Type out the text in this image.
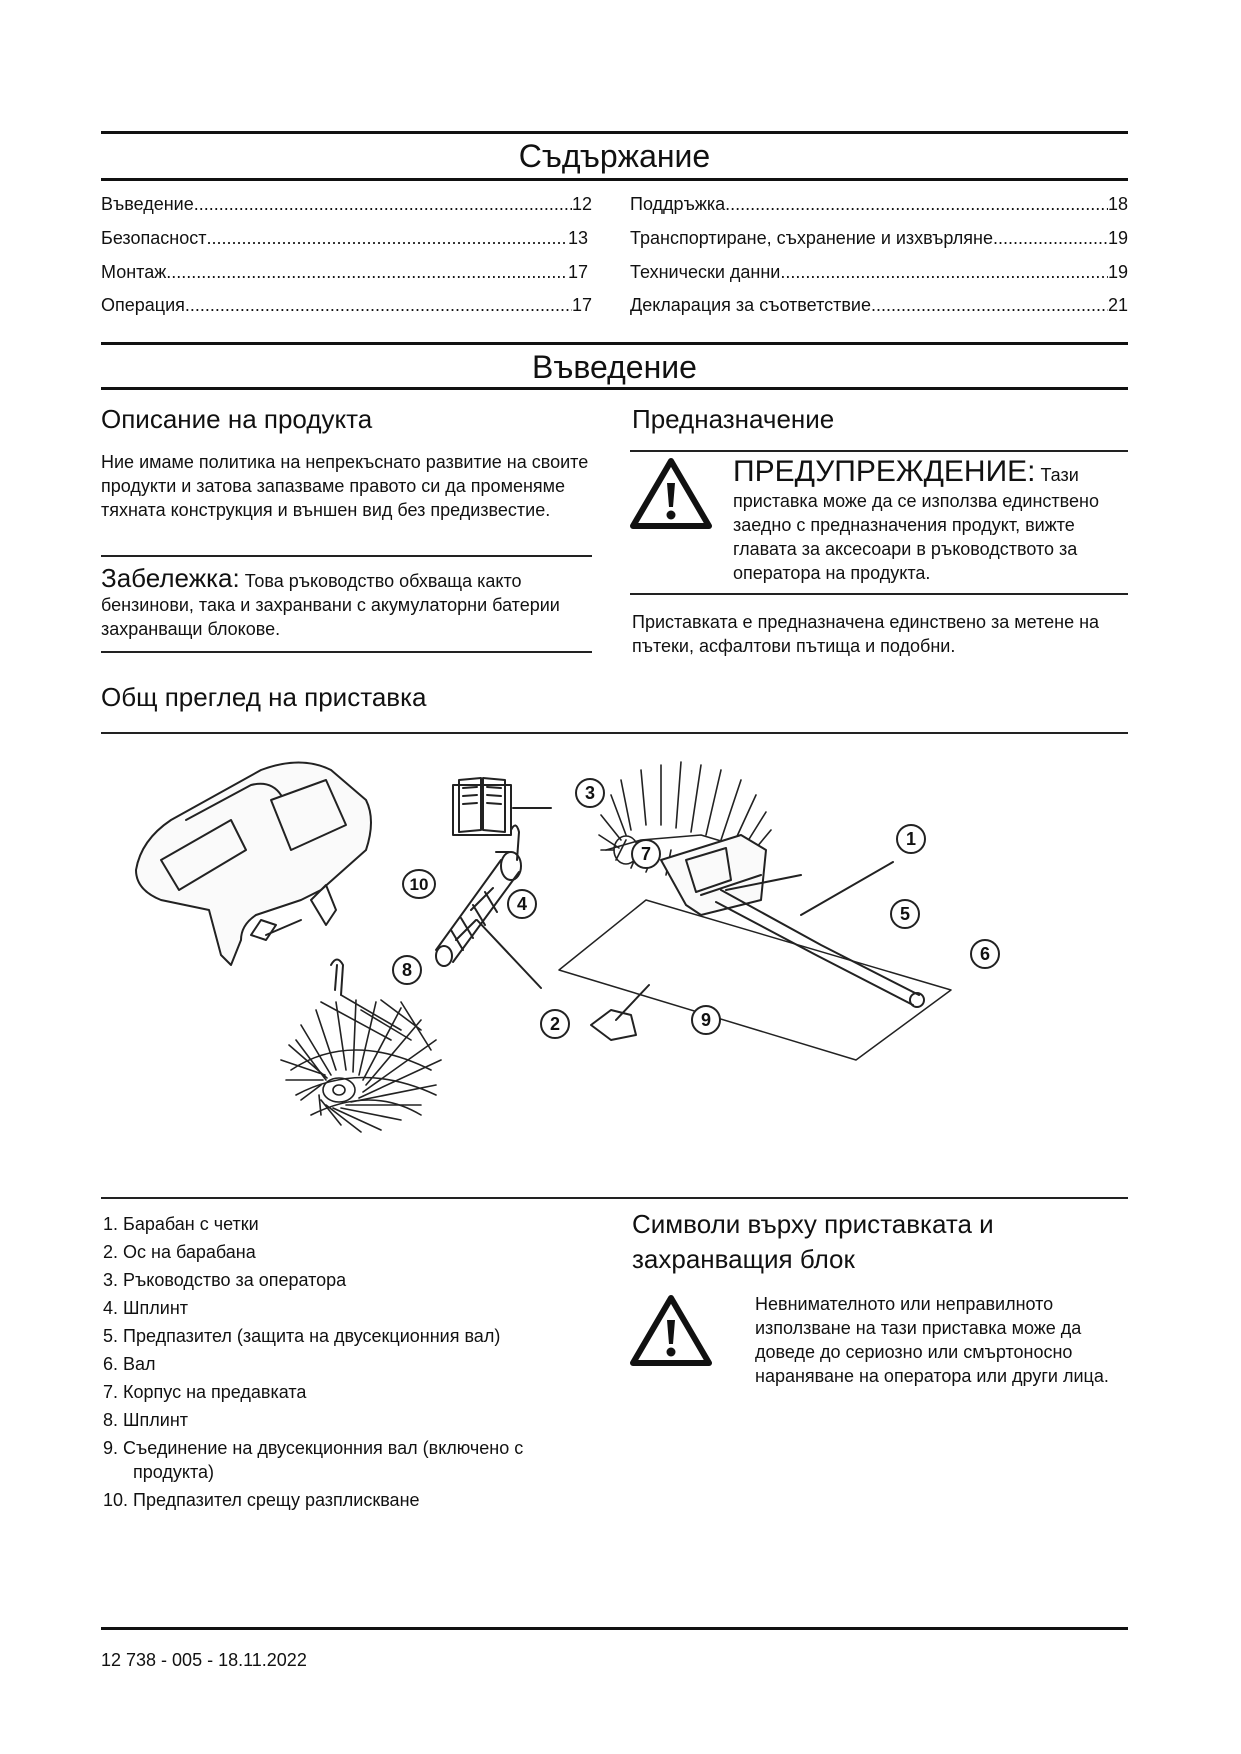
Съдържание
Въведение .....	12
Безопасност .....	13
Монтаж .....	17
Операция .....	17
Поддръжка .....	18
Транспортиране, съхранение и изхвърляне .....	19
Технически данни .....	19
Декларация за съответствие .....	21
Въведение
Описание на продукта
Ние имаме политика на непрекъснато развитие на своите продукти и затова запазваме правото си да променяме тяхната конструкция и външен вид без предизвестие.
Забележка: Това ръководство обхваща както бензинови, така и захранвани с акумулаторни батерии захранващи блокове.
Предназначение
ПРЕДУПРЕЖДЕНИЕ: Тази
приставка може да се използва единствено заедно с предназначения продукт, вижте главата за аксесоари в ръководството за оператора на продукта.
Приставката е предназначена единствено за метене на пътеки, асфалтови пътища и подобни.
Общ преглед на приставка
3
7
1
10
4	5
6
8
9
2
1. Барабан с четки
2. Ос на барабана
3. Ръководство за оператора
4. Шплинт
5. Предпазител (защита на двусекционния вал)
6. Вал
7. Корпус на предавката
8. Шплинт
9. Съединение на двусекционния вал (включено с продукта)
10. Предпазител срещу разплискване
Символи върху приставката и захранващия блок
Невнимателното или неправилното използване на тази приставка може да доведе до сериозно или смъртоносно нараняване на оператора или други лица.
12 738 - 005 - 18.11.2022
